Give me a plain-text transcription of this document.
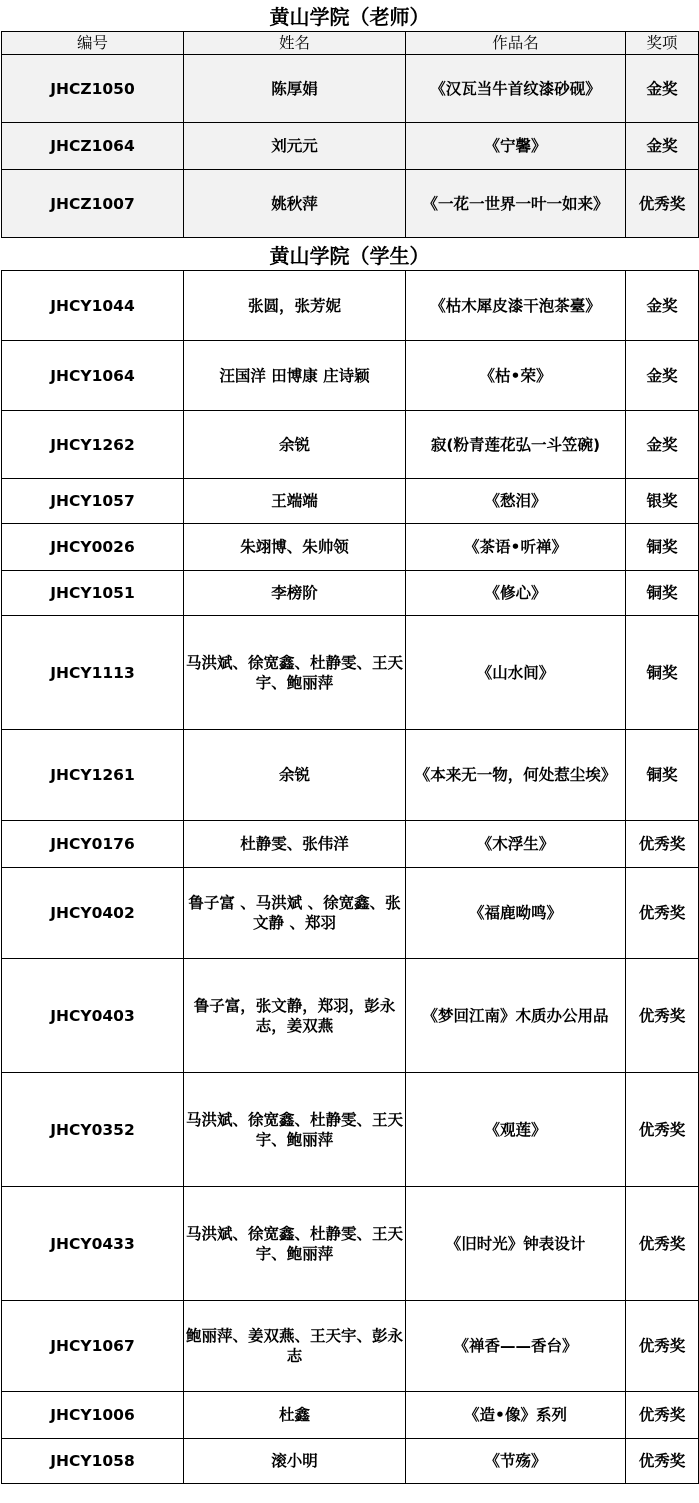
黄山学院（老师）
编号	姓名	作品名	奖项
JHCZ1050	陈厚娟	《汉瓦当牛首纹漆砂砚》	金奖
JHCZ1064	刘元元	《宁馨》	金奖
JHCZ1007	姚秋萍	《一花一世界一叶一如来》	优秀奖
黄山学院（学生）
JHCY1044	张圆，张芳妮	《枯木犀皮漆干泡茶臺》	金奖
JHCY1064	汪国洋 田博康 庄诗颖	《枯•荣》	金奖
JHCY1262	余锐	寂(粉青莲花弘一斗笠碗)	金奖
JHCY1057	王端端	《愁泪》	银奖
JHCY0026	朱翊博、朱帅领	《茶语•听禅》	铜奖
JHCY1051	李榜阶	《修心》	铜奖
JHCY1113	马洪斌、徐宽鑫、杜静雯、王天宇、鲍丽萍	《山水间》	铜奖
JHCY1261	余锐	《本来无一物，何处惹尘埃》	铜奖
JHCY0176	杜静雯、张伟洋	《木浮生》	优秀奖
JHCY0402	鲁子富 、马洪斌 、徐宽鑫、张文静 、郑羽	《福鹿呦鸣》	优秀奖
JHCY0403	鲁子富，张文静，郑羽，彭永志，姜双燕	《梦回江南》木质办公用品	优秀奖
JHCY0352	马洪斌、徐宽鑫、杜静雯、王天宇、鲍丽萍	《观莲》	优秀奖
JHCY0433	马洪斌、徐宽鑫、杜静雯、王天宇、鲍丽萍	《旧时光》钟表设计	优秀奖
JHCY1067	鲍丽萍、姜双燕、王天宇、彭永志	《禅香——香台》	优秀奖
JHCY1006	杜鑫	《造•像》系列	优秀奖
JHCY1058	滚小明	《节殇》	优秀奖
